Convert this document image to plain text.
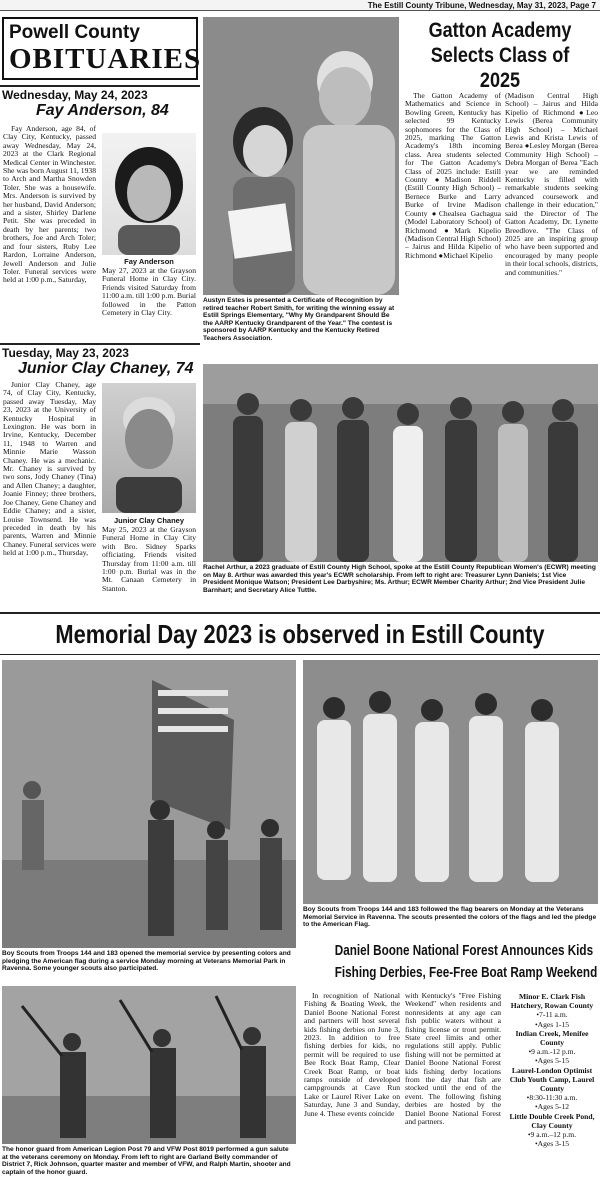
The Estill County Tribune, Wednesday, May 31, 2023, Page 7
Powell County
OBITUARIES
Wednesday, May 24, 2023
Fay Anderson, 84

Fay Anderson, age 84, of Clay City, Kentucky, passed away Wednesday, May 24, 2023 at the Clark Regional Medical Center in Winchester. She was born August 11, 1938 to Arch and Martha Snowden Toler. She was a housewife. Mrs. Anderson is survived by her husband, David Anderson; and a sister, Shirley Darlene Petit. She was preceded in death by her parents; two brothers, Joe and Arch Toler; and four sisters, Ruby Lee Rardon, Lorraine Anderson, Jewell Anderson and Julie Toler. Funeral services were held at 1:00 p.m., Saturday,

Fay Anderson

May 27, 2023 at the Grayson Funeral Home in Clay City. Friends visited Saturday from 11:00 a.m. till 1:00 p.m. Burial followed in the Patton Cemetery in Clay City.

Tuesday, May 23, 2023
Junior Clay Chaney, 74

Junior Clay Chaney, age 74, of Clay City, Kentucky, passed away Tuesday, May 23, 2023 at the University of Kentucky Hospital in Lexington. He was born in Irvine, Kentucky, December 11, 1948 to Warren and Minnie Marie Wasson Chaney. He was a mechanic. Mr. Chaney is survived by two sons, Jody Chaney (Tina) and Allen Chaney; a daughter, Joanie Finney; three brothers, Joe Chaney, Gene Chaney and Eddie Chaney; and a sister, Louise Townsend. He was preceded in death by his parents, Warren and Minnie Chaney. Funeral services were held at 1:00 p.m., Thursday,

Junior Clay Chaney

May 25, 2023 at the Grayson Funeral Home in Clay City with Bro. Sidney Sparks officiating. Friends visited Thursday from 11:00 a.m. till 1:00 p.m. Burial was in the Mt. Canaan Cemetery in Stanton.

Austyn Estes is presented a Certificate of Recognition by retired teacher Robert Smith, for writing the winning essay at Estill Springs Elementary, "Why My Grandparent Should Be the AARP Kentucky Grandparent of the Year." The contest is sponsored by AARP Kentucky and the Kentucky Retired Teachers Association.
Gatton Academy
Selects Class of 2025

The Gatton Academy of Mathematics and Science in Bowling Green, Kentucky has selected 99 Kentucky sophomores for the Class of 2025, marking The Gatton Academy's 18th incoming class. Area students selected for The Gatton Academy's Class of 2025 include: Estill County ●Madison Riddell (Estill County High School) – Bernece Burke and Larry Burke of Irvine Madison County ●Chealsea Gachagua (Model Laboratory School) of Richmond ●Mark Kipelio (Madison Central High School) – Jairus and Hilda Kipelio of Richmond ●Michael Kipelio

(Madison Central High School) – Jairus and Hilda Kipelio of Richmond ●Leo Lewis (Berea Community High School) – Michael Lewis and Krista Lewis of Berea ●Lesley Morgan (Berea Community High School) – Debra Morgan of Berea "Each year we are reminded Kentucky is filled with remarkable students seeking advanced coursework and challenge in their education," said the Director of The Gatton Academy, Dr. Lynette Breedlove. "The Class of 2025 are an inspiring group who have been supported and encouraged by many people in their local schools, districts, and communities."

Rachel Arthur, a 2023 graduate of Estill County High School, spoke at the Estill County Republican Women's (ECWR) meeting on May 8. Arthur was awarded this year's ECWR scholarship. From left to right are: Treasurer Lynn Daniels; 1st Vice President Monique Watson; President Lee Darbyshire; Ms. Arthur; ECWR Member Charity Arthur; 2nd Vice President Julie Barnhart; and Secretary Alice Tuttle.
Memorial Day 2023 is observed in Estill County
Boy Scouts from Troops 144 and 183 opened the memorial service by presenting colors and pledging the American flag during a service Monday morning at Veterans Memorial Park in Ravenna. Some younger scouts also participated.
Boy Scouts from Troops 144 and 183 followed the flag bearers on Monday at the Veterans Memorial Service in Ravenna. The scouts presented the colors of the flags and led the pledge to the American Flag.
The honor guard from American Legion Post 79 and VFW Post 8019 performed a gun salute at the veterans ceremony on Monday. From left to right are Garland Belly commander of District 7, Rick Johnson, quarter master and member of VFW, and Ralph Martin, shooter and captain of the honor guard.
Daniel Boone National Forest Announces Kids
Fishing Derbies, Fee-Free Boat Ramp Weekend

In recognition of National Fishing & Boating Week, the Daniel Boone National Forest and partners will host several kids fishing derbies on June 3, 2023. In addition to free fishing derbies for kids, no permit will be required to use Bee Rock Boat Ramp, Clear Creek Boat Ramp, or boat ramps outside of developed campgrounds at Cave Run Lake or Laurel River Lake on Saturday, June 3 and Sunday, June 4. These events coincide

with Kentucky's "Free Fishing Weekend" when residents and nonresidents at any age can fish public waters without a fishing license or trout permit. State creel limits and other regulations still apply. Public fishing will not be permitted at Daniel Boone National Forest kids fishing derby locations from the day that fish are stocked until the end of the event. The following fishing derbies are hosted by the Daniel Boone National Forest and partners.

Minor E. Clark Fish Hatchery, Rowan County
•7-11 a.m.
•Ages 1-15
Indian Creek, Menifee County
•9 a.m.-12 p.m.
•Ages 5-15
Laurel-London Optimist Club Youth Camp, Laurel County
•8:30-11:30 a.m.
•Ages 5-12
Little Double Creek Pond, Clay County
•9 a.m.–12 p.m.
•Ages 3-15
